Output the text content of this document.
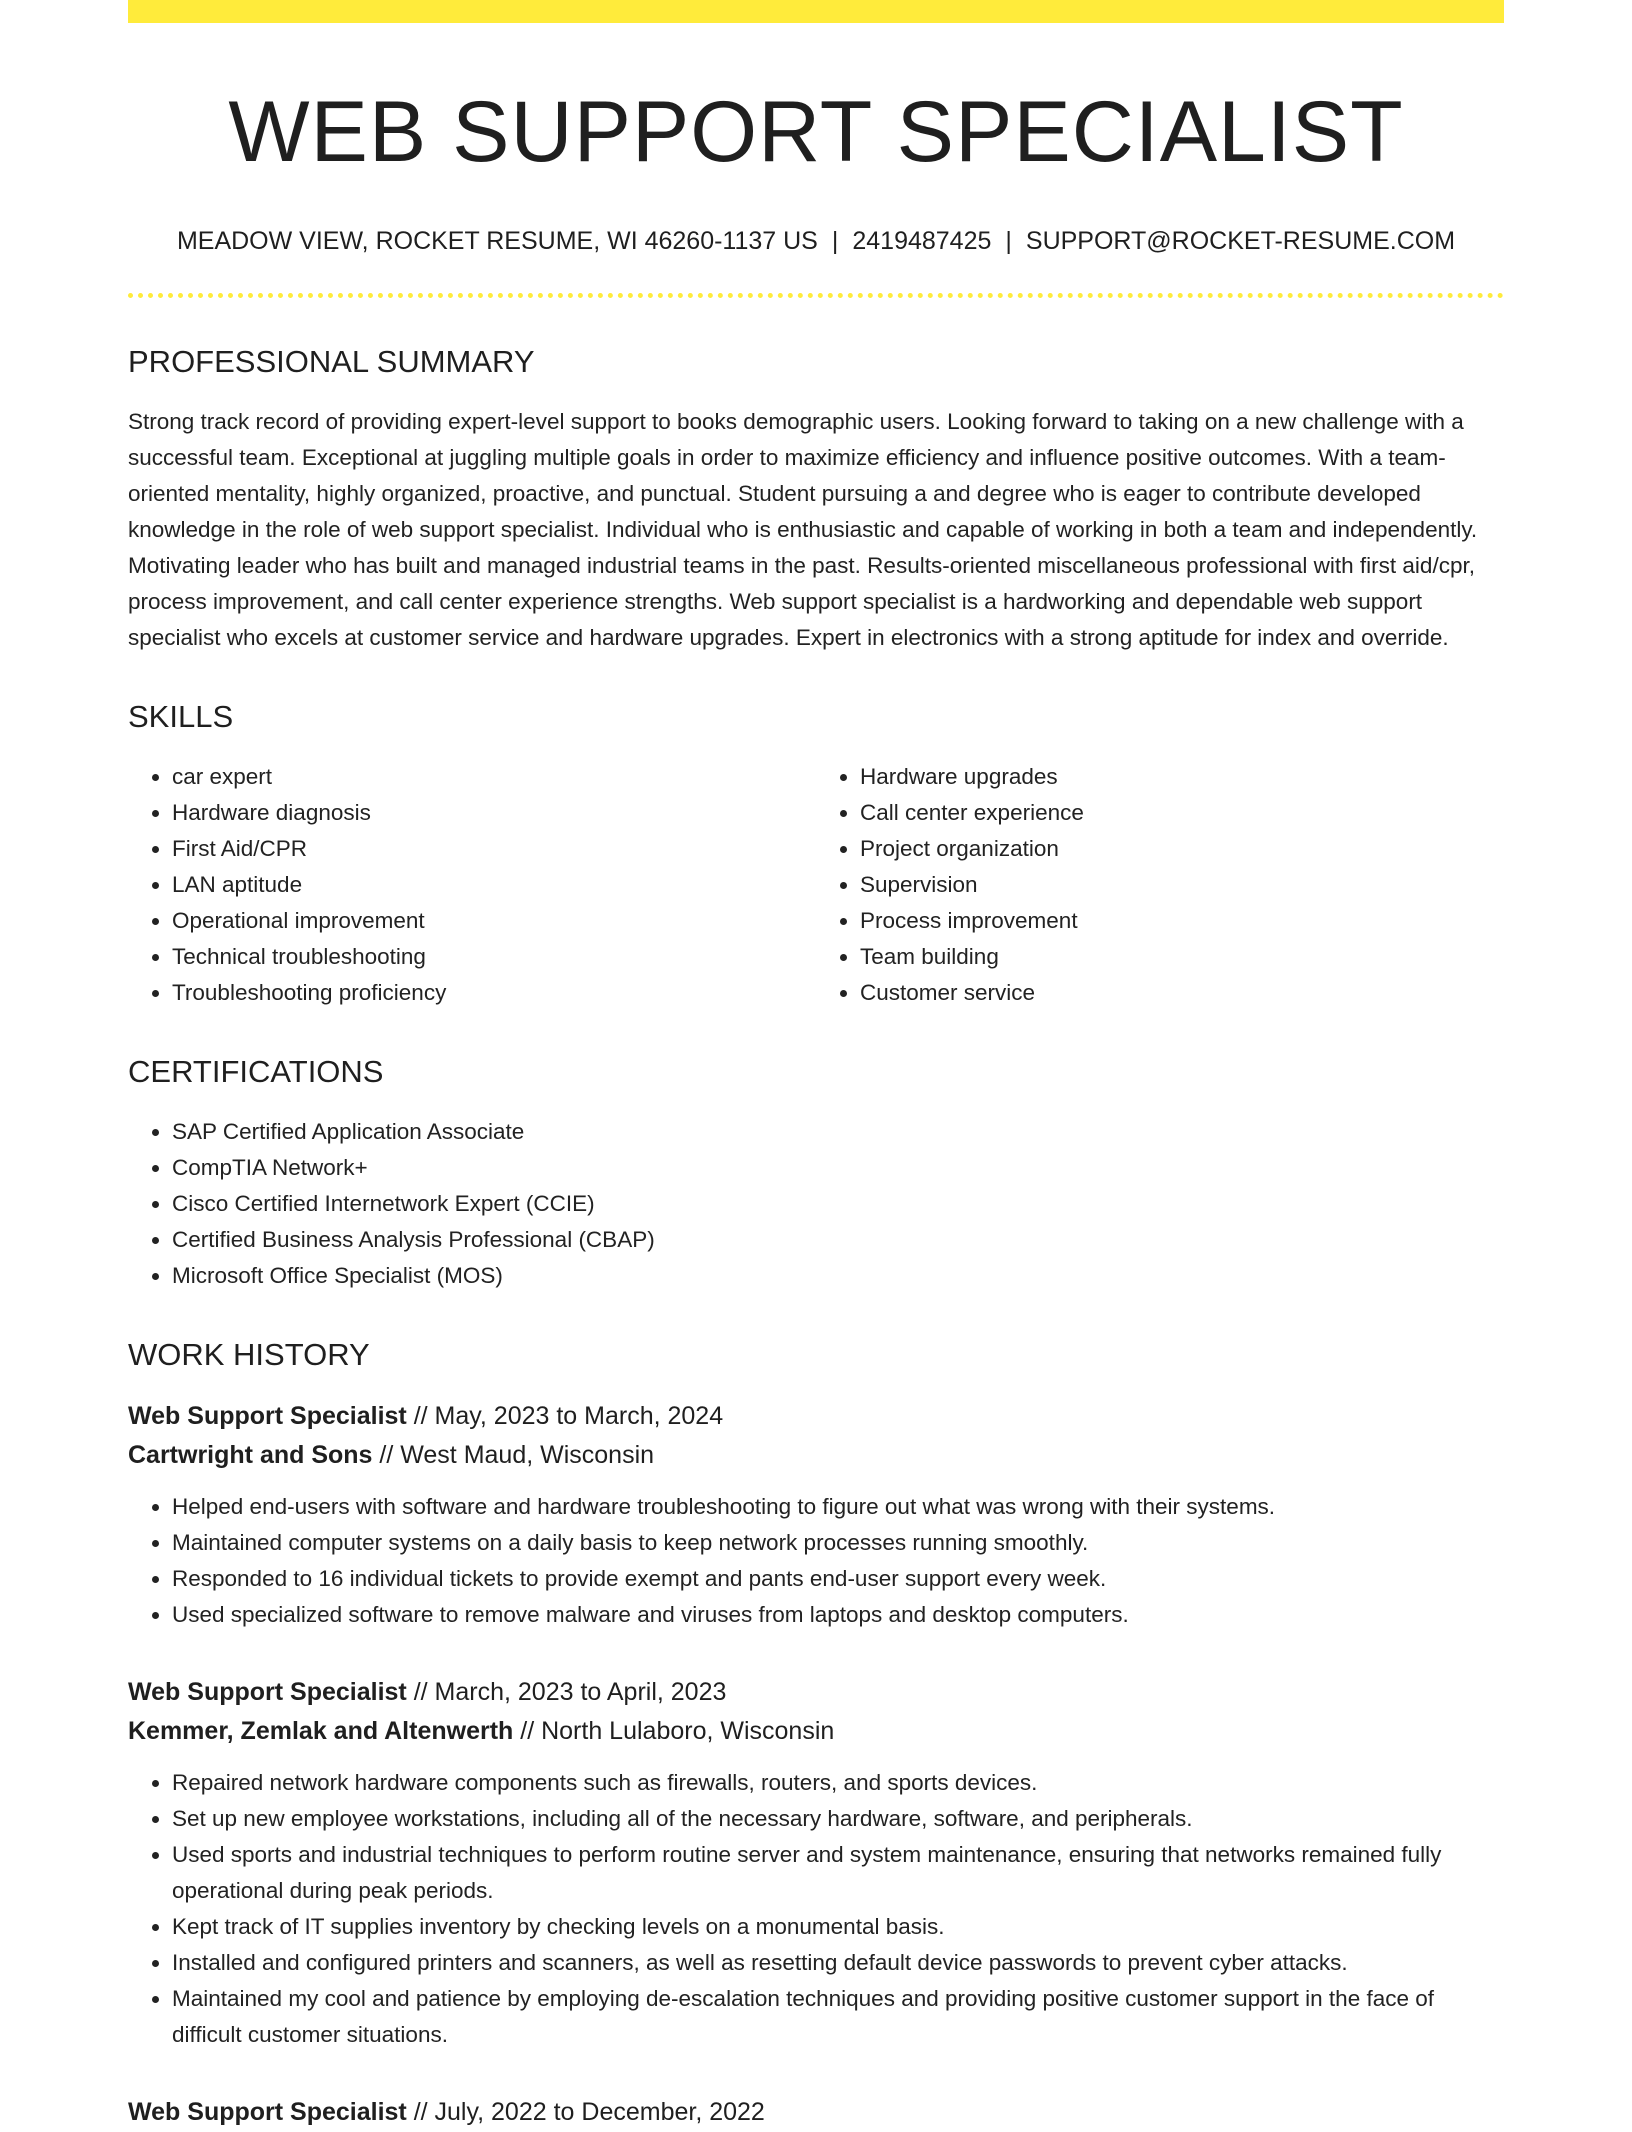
WEB SUPPORT SPECIALIST
MEADOW VIEW, ROCKET RESUME, WI 46260-1137 US | 2419487425 | SUPPORT@ROCKET-RESUME.COM
PROFESSIONAL SUMMARY
Strong track record of providing expert-level support to books demographic users. Looking forward to taking on a new challenge with a successful team. Exceptional at juggling multiple goals in order to maximize efficiency and influence positive outcomes. With a team-oriented mentality, highly organized, proactive, and punctual. Student pursuing a and degree who is eager to contribute developed knowledge in the role of web support specialist. Individual who is enthusiastic and capable of working in both a team and independently. Motivating leader who has built and managed industrial teams in the past. Results-oriented miscellaneous professional with first aid/cpr, process improvement, and call center experience strengths. Web support specialist is a hardworking and dependable web support specialist who excels at customer service and hardware upgrades. Expert in electronics with a strong aptitude for index and override.
SKILLS
• car expert
• Hardware diagnosis
• First Aid/CPR
• LAN aptitude
• Operational improvement
• Technical troubleshooting
• Troubleshooting proficiency
• Hardware upgrades
• Call center experience
• Project organization
• Supervision
• Process improvement
• Team building
• Customer service
CERTIFICATIONS
• SAP Certified Application Associate
• CompTIA Network+
• Cisco Certified Internetwork Expert (CCIE)
• Certified Business Analysis Professional (CBAP)
• Microsoft Office Specialist (MOS)
WORK HISTORY
Web Support Specialist // May, 2023 to March, 2024
Cartwright and Sons // West Maud, Wisconsin
• Helped end-users with software and hardware troubleshooting to figure out what was wrong with their systems.
• Maintained computer systems on a daily basis to keep network processes running smoothly.
• Responded to 16 individual tickets to provide exempt and pants end-user support every week.
• Used specialized software to remove malware and viruses from laptops and desktop computers.
Web Support Specialist // March, 2023 to April, 2023
Kemmer, Zemlak and Altenwerth // North Lulaboro, Wisconsin
• Repaired network hardware components such as firewalls, routers, and sports devices.
• Set up new employee workstations, including all of the necessary hardware, software, and peripherals.
• Used sports and industrial techniques to perform routine server and system maintenance, ensuring that networks remained fully operational during peak periods.
• Kept track of IT supplies inventory by checking levels on a monumental basis.
• Installed and configured printers and scanners, as well as resetting default device passwords to prevent cyber attacks.
• Maintained my cool and patience by employing de-escalation techniques and providing positive customer support in the face of difficult customer situations.
Web Support Specialist // July, 2022 to December, 2022
